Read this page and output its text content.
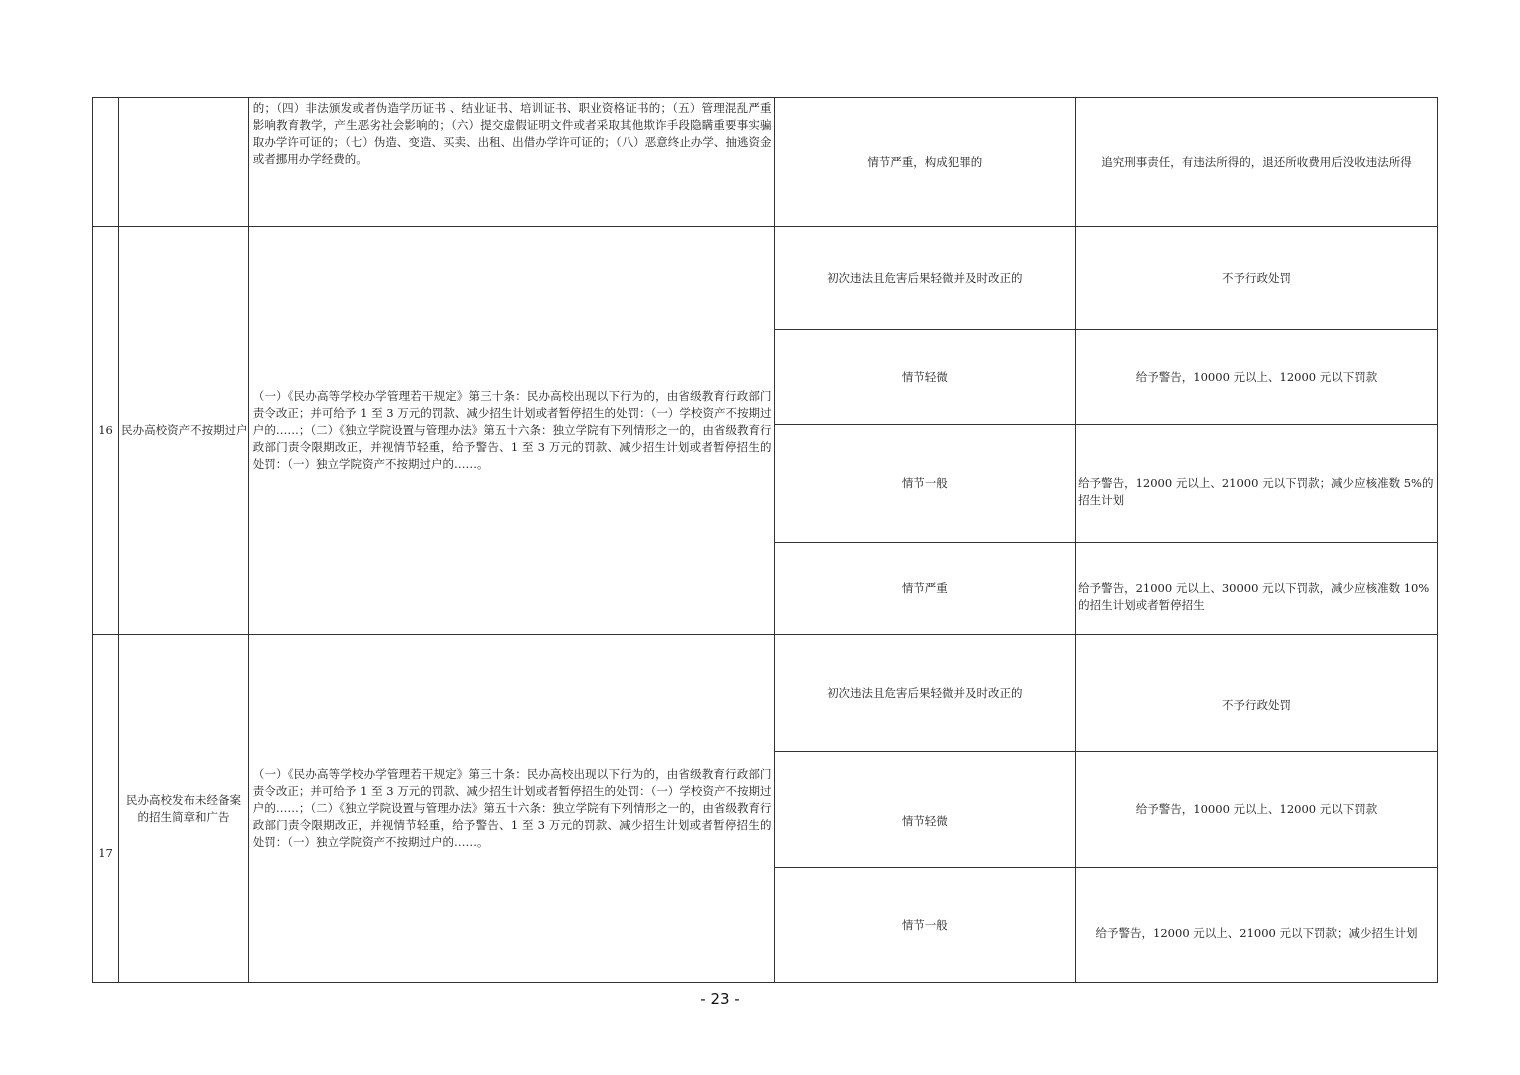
		的；（四）非法颁发或者伪造学历证书 、结业证书、培训证书、职业资格证书的；（五）管理混乱严重影响教育教学，产生恶劣社会影响的；（六）提交虚假证明文件或者采取其他欺诈手段隐瞒重要事实骗取办学许可证的；（七）伪造、变造、买卖、出租、出借办学许可证的；（八）恶意终止办学、抽逃资金或者挪用办学经费的。	情节严重，构成犯罪的	追究刑事责任，有违法所得的，退还所收费用后没收违法所得
16	民办高校资产不按期过户	（一）《民办高等学校办学管理若干规定》第三十条：民办高校出现以下行为的，由省级教育行政部门责令改正；并可给予 1 至 3 万元的罚款、减少招生计划或者暂停招生的处罚：（一）学校资产不按期过户的……；（二）《独立学院设置与管理办法》第五十六条：独立学院有下列情形之一的，由省级教育行政部门责令限期改正，并视情节轻重，给予警告、1 至 3 万元的罚款、减少招生计划或者暂停招生的处罚：（一）独立学院资产不按期过户的……。	初次违法且危害后果轻微并及时改正的	不予行政处罚
			情节轻微	给予警告，10000 元以上、12000 元以下罚款
			情节一般	给予警告，12000 元以上、21000 元以下罚款；减少应核准数 5%的招生计划
			情节严重	给予警告，21000 元以上、30000 元以下罚款，减少应核准数 10%的招生计划或者暂停招生
17	民办高校发布未经备案的招生简章和广告	（一）《民办高等学校办学管理若干规定》第三十条：民办高校出现以下行为的，由省级教育行政部门责令改正；并可给予 1 至 3 万元的罚款、减少招生计划或者暂停招生的处罚：（一）学校资产不按期过户的……；（二）《独立学院设置与管理办法》第五十六条：独立学院有下列情形之一的，由省级教育行政部门责令限期改正，并视情节轻重，给予警告、1 至 3 万元的罚款、减少招生计划或者暂停招生的处罚：（一）独立学院资产不按期过户的……。	初次违法且危害后果轻微并及时改正的	不予行政处罚
			情节轻微	给予警告，10000 元以上、12000 元以下罚款
			情节一般	给予警告，12000 元以上、21000 元以下罚款；减少招生计划
- 23 -
